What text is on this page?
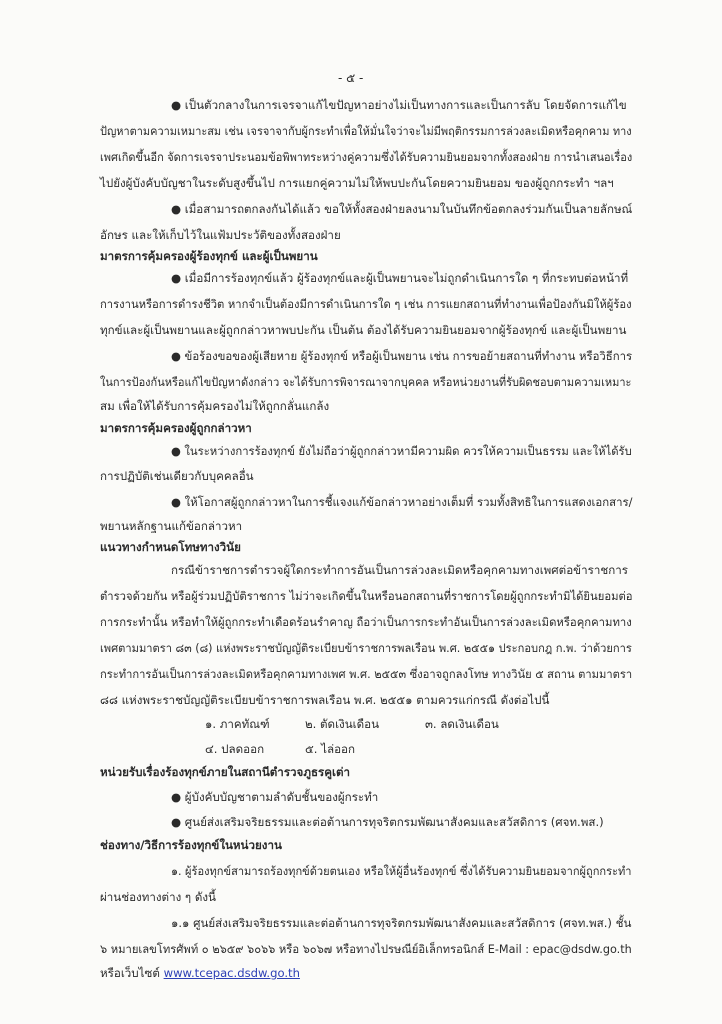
- ๕ -
● เป็นตัวกลางในการเจรจาแก้ไขปัญหาอย่างไม่เป็นทางการและเป็นการลับ โดยจัดการแก้ไข
ปัญหาตามความเหมาะสม เช่น เจรจาจากับผู้กระทำเพื่อให้มั่นใจว่าจะไม่มีพฤติกรรมการล่วงละเมิดหรือคุกคาม ทาง
เพศเกิดขึ้นอีก จัดการเจรจาประนอมข้อพิพาทระหว่างคู่ความซึ่งได้รับความยินยอมจากทั้งสองฝ่าย การนำเสนอเรื่อง
ไปยังผู้บังคับบัญชาในระดับสูงขึ้นไป การแยกคู่ความไม่ให้พบปะกันโดยความยินยอม ของผู้ถูกกระทำ ฯลฯ
● เมื่อสามารถตกลงกันได้แล้ว ขอให้ทั้งสองฝ่ายลงนามในบันทึกข้อตกลงร่วมกันเป็นลายลักษณ์
อักษร และให้เก็บไว้ในแฟ้มประวัติของทั้งสองฝ่าย
มาตรการคุ้มครองผู้ร้องทุกข์ และผู้เป็นพยาน
● เมื่อมีการร้องทุกข์แล้ว ผู้ร้องทุกข์และผู้เป็นพยานจะไม่ถูกดำเนินการใด ๆ ที่กระทบต่อหน้าที่
การงานหรือการดำรงชีวิต หากจำเป็นต้องมีการดำเนินการใด ๆ เช่น การแยกสถานที่ทำงานเพื่อป้องกันมิให้ผู้ร้อง
ทุกข์และผู้เป็นพยานและผู้ถูกกล่าวหาพบปะกัน เป็นต้น ต้องได้รับความยินยอมจากผู้ร้องทุกข์ และผู้เป็นพยาน
● ข้อร้องขอของผู้เสียหาย ผู้ร้องทุกข์ หรือผู้เป็นพยาน เช่น การขอย้ายสถานที่ทำงาน หรือวิธีการ
ในการป้องกันหรือแก้ไขปัญหาดังกล่าว จะได้รับการพิจารณาจากบุคคล หรือหน่วยงานที่รับผิดชอบตามความเหมาะ
สม เพื่อให้ได้รับการคุ้มครองไม่ให้ถูกกลั่นแกล้ง
มาตรการคุ้มครองผู้ถูกกล่าวหา
● ในระหว่างการร้องทุกข์ ยังไม่ถือว่าผู้ถูกกล่าวหามีความผิด ควรให้ความเป็นธรรม และให้ได้รับ
การปฏิบัติเช่นเดียวกับบุคคลอื่น
● ให้โอกาสผู้ถูกกล่าวหาในการชี้แจงแก้ข้อกล่าวหาอย่างเต็มที่ รวมทั้งสิทธิในการแสดงเอกสาร/
พยานหลักฐานแก้ข้อกล่าวหา
แนวทางกำหนดโทษทางวินัย
กรณีข้าราชการตำรวจผู้ใดกระทำการอันเป็นการล่วงละเมิดหรือคุกคามทางเพศต่อข้าราชการ
ตำรวจด้วยกัน หรือผู้ร่วมปฏิบัติราชการ ไม่ว่าจะเกิดขึ้นในหรือนอกสถานที่ราชการโดยผู้ถูกกระทำมิได้ยินยอมต่อ
การกระทำนั้น หรือทำให้ผู้ถูกกระทำเดือดร้อนรำคาญ ถือว่าเป็นการกระทำอันเป็นการล่วงละเมิดหรือคุกคามทาง
เพศตามมาตรา ๘๓ (๘) แห่งพระราชบัญญัติระเบียบข้าราชการพลเรือน พ.ศ. ๒๕๕๑ ประกอบกฎ ก.พ. ว่าด้วยการ
กระทำการอันเป็นการล่วงละเมิดหรือคุกคามทางเพศ พ.ศ. ๒๕๕๓ ซึ่งอาจถูกลงโทษ ทางวินัย ๕ สถาน ตามมาตรา
๘๘ แห่งพระราชบัญญัติระเบียบข้าราชการพลเรือน พ.ศ. ๒๕๕๑ ตามควรแก่กรณี ดังต่อไปนี้
๑. ภาคทัณฑ์	๒. ตัดเงินเดือน	๓. ลดเงินเดือน
๔. ปลดออก	๕. ไล่ออก
หน่วยรับเรื่องร้องทุกข์ภายในสถานีตำรวจภูธรคูเต่า
● ผู้บังคับบัญชาตามลำดับชั้นของผู้กระทำ
● ศูนย์ส่งเสริมจริยธรรมและต่อต้านการทุจริตกรมพัฒนาสังคมและสวัสดิการ (ศจท.พส.)
ช่องทาง/วิธีการร้องทุกข์ในหน่วยงาน
๑. ผู้ร้องทุกข์สามารถร้องทุกข์ด้วยตนเอง หรือให้ผู้อื่นร้องทุกข์ ซึ่งได้รับความยินยอมจากผู้ถูกกระทำ
ผ่านช่องทางต่าง ๆ ดังนี้
๑.๑ ศูนย์ส่งเสริมจริยธรรมและต่อต้านการทุจริตกรมพัฒนาสังคมและสวัสดิการ (ศจท.พส.) ชั้น
๖ หมายเลขโทรศัพท์ ๐ ๒๖๕๙ ๖๐๖๖ หรือ ๖๐๖๗ หรือทางไปรษณีย์อิเล็กทรอนิกส์ E-Mail : epac@dsdw.go.th
หรือเว็บไซต์ www.tcepac.dsdw.go.th
